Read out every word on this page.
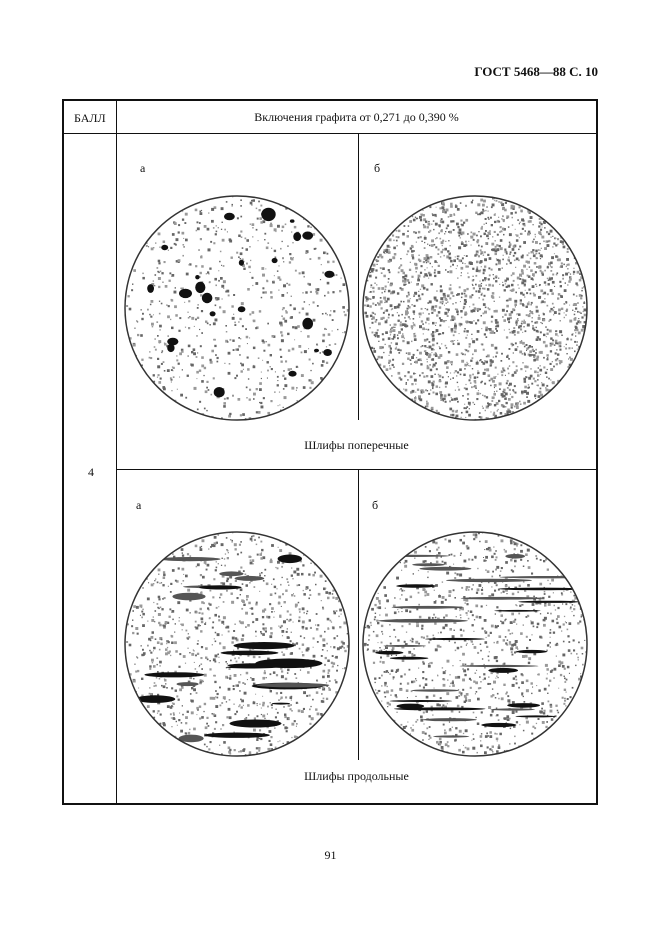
ГОСТ 5468—88 С. 10
БАЛЛ	Включения графита от 0,271 до 0,390 %
4
а	б
Шлифы поперечные
а	б
Шлифы продольные
91
